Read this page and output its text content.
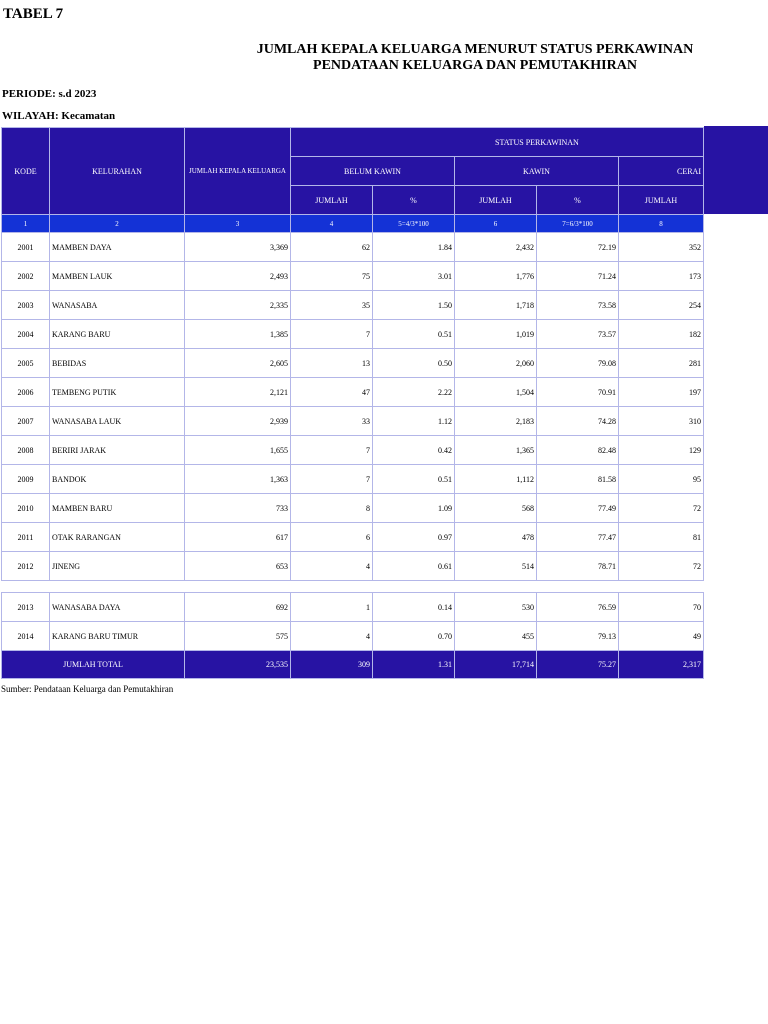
TABEL 7
JUMLAH KEPALA KELUARGA MENURUT STATUS PERKAWINAN
PENDATAAN KELUARGA DAN PEMUTAKHIRAN
PERIODE: s.d 2023
WILAYAH: Kecamatan
KODE	KELURAHAN	JUMLAH KEPALA KELUARGA	STATUS PERKAWINAN				
			BELUM KAWIN		KAWIN		CERAI
			JUMLAH	%	JUMLAH	%	JUMLAH
1	2	3	4	5=4/3*100	6	7=6/3*100	8
2001	MAMBEN DAYA	3,369	62	1.84	2,432	72.19	352
2002	MAMBEN LAUK	2,493	75	3.01	1,776	71.24	173
2003	WANASABA	2,335	35	1.50	1,718	73.58	254
2004	KARANG BARU	1,385	7	0.51	1,019	73.57	182
2005	BEBIDAS	2,605	13	0.50	2,060	79.08	281
2006	TEMBENG PUTIK	2,121	47	2.22	1,504	70.91	197
2007	WANASABA LAUK	2,939	33	1.12	2,183	74.28	310
2008	BERIRI JARAK	1,655	7	0.42	1,365	82.48	129
2009	BANDOK	1,363	7	0.51	1,112	81.58	95
2010	MAMBEN BARU	733	8	1.09	568	77.49	72
2011	OTAK RARANGAN	617	6	0.97	478	77.47	81
2012	JINENG	653	4	0.61	514	78.71	72

2013	WANASABA DAYA	692	1	0.14	530	76.59	70
2014	KARANG BARU TIMUR	575	4	0.70	455	79.13	49
JUMLAH TOTAL		23,535	309	1.31	17,714	75.27	2,317
Sumber: Pendataan Keluarga dan Pemutakhiran
